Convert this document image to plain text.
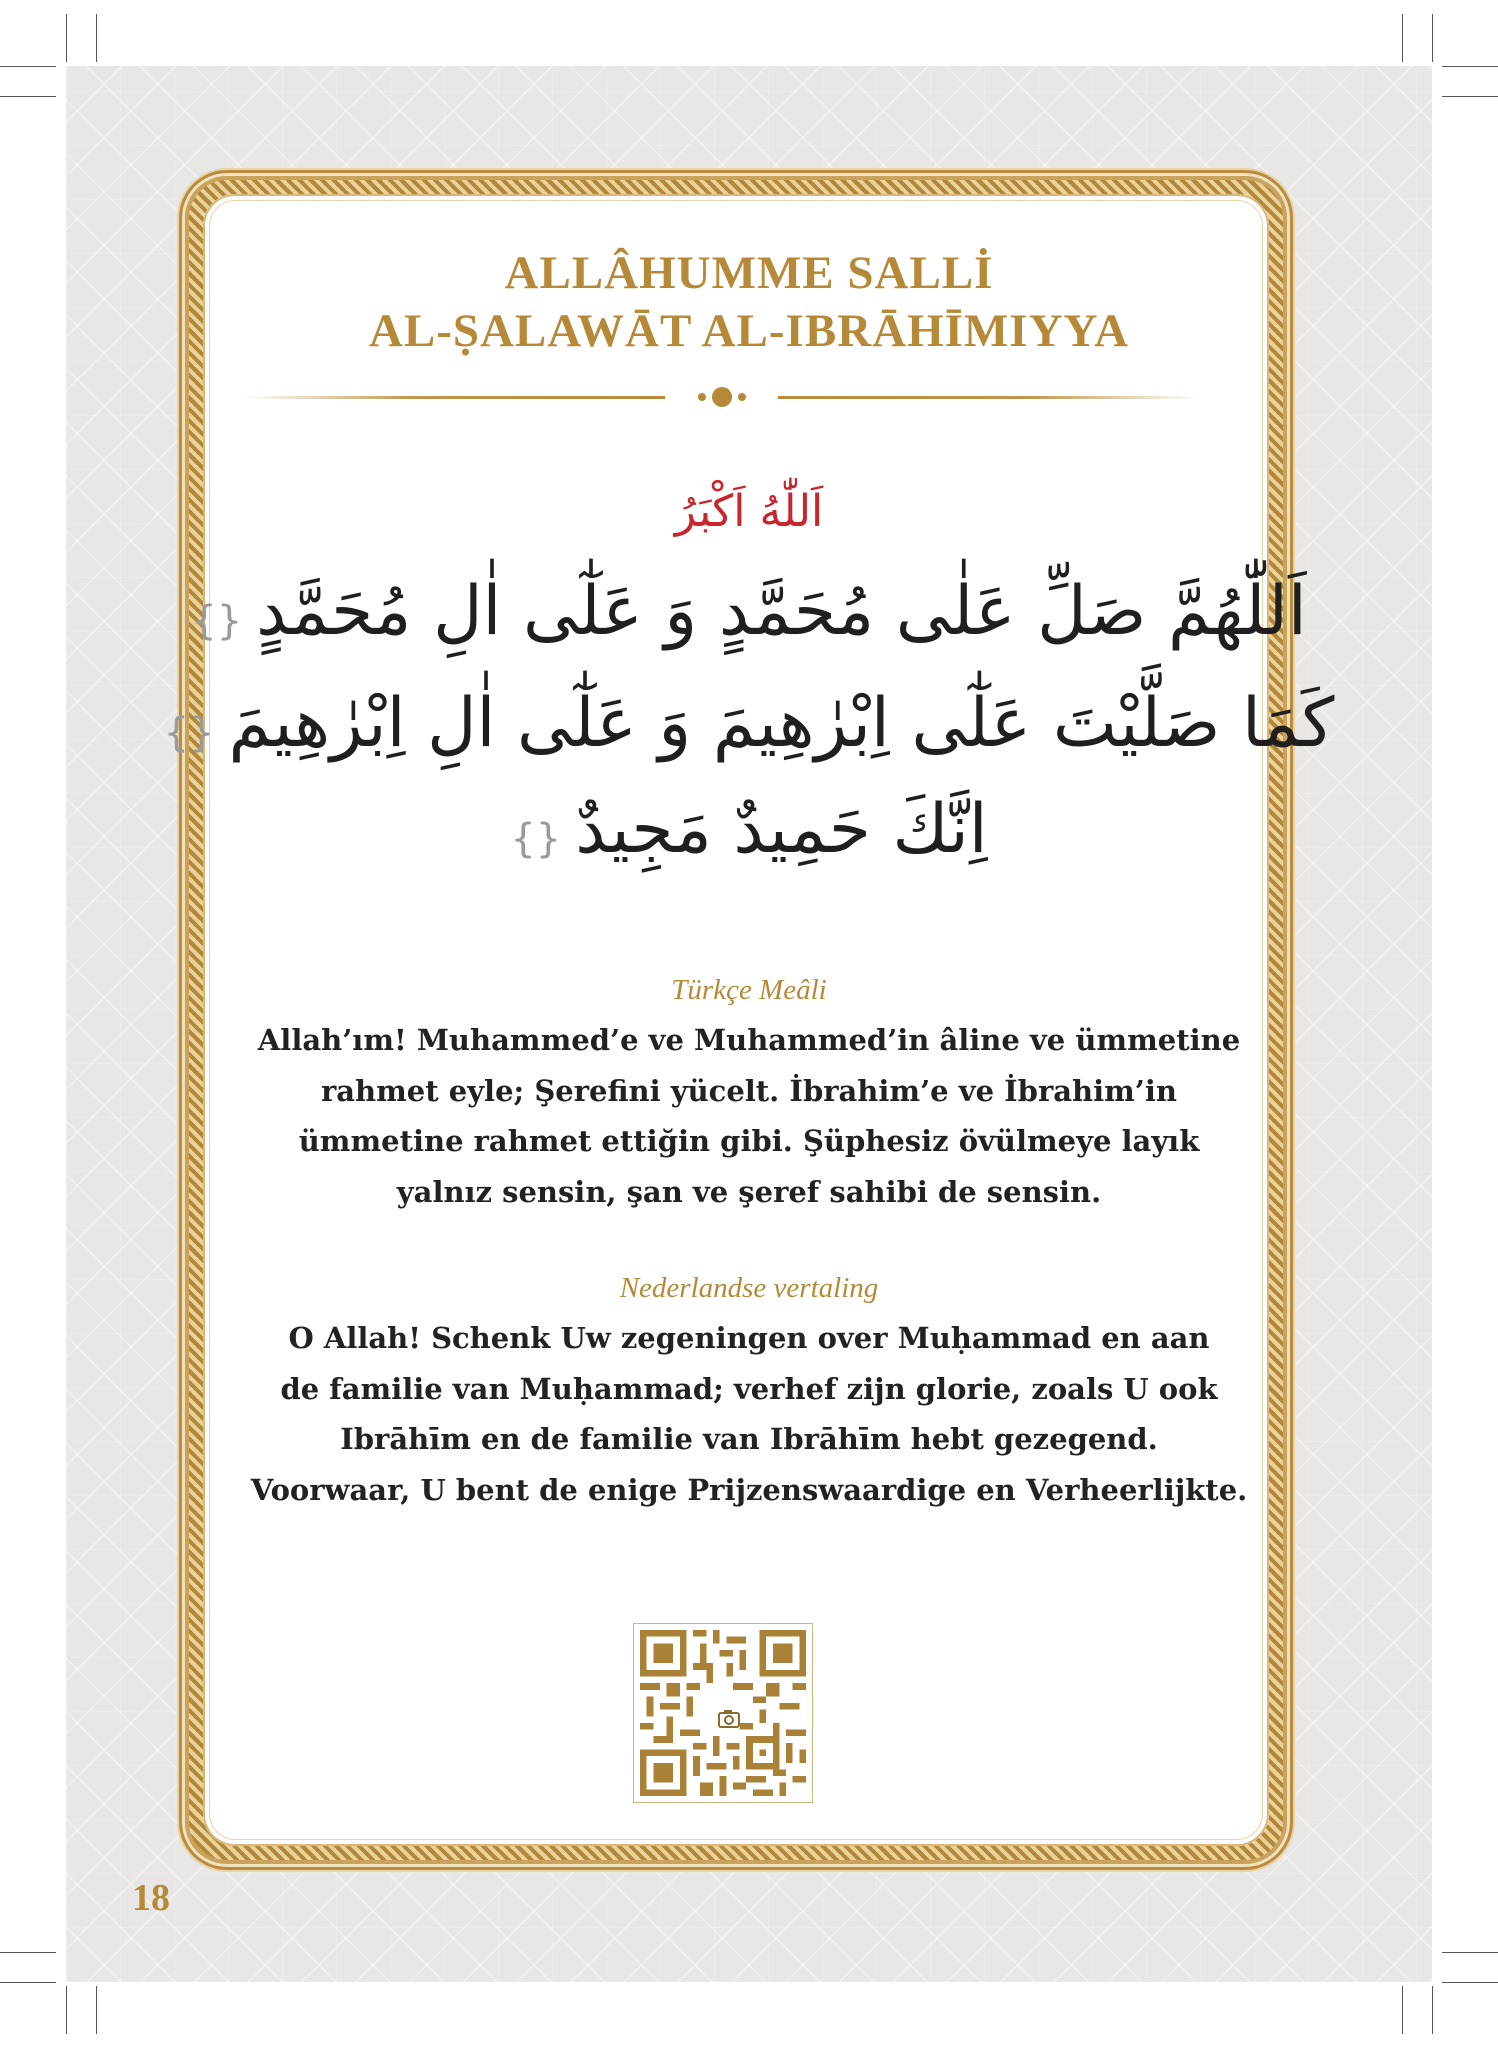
ALLÂHUMME SALLİ
AL-ṢALAWĀT AL-IBRĀHĪMIYYA

اَللّٰهُ اَكْبَرُ

اَللّٰهُمَّ صَلِّ عَلٰى مُحَمَّدٍ وَ عَلٰٓى اٰلِ مُحَمَّدٍ{}

كَمَا صَلَّيْتَ عَلٰٓى اِبْرٰهِيمَ وَ عَلٰٓى اٰلِ اِبْرٰهِيمَ{}

اِنَّكَ حَمِيدٌ مَجِيدٌ{}

Türkçe Meâli

Allah’ım! Muhammed’e ve Muhammed’in âline ve ümmetine
rahmet eyle; Şerefini yücelt. İbrahim’e ve İbrahim’in
ümmetine rahmet ettiğin gibi. Şüphesiz övülmeye layık
yalnız sensin, şan ve şeref sahibi de sensin.

Nederlandse vertaling

O Allah! Schenk Uw zegeningen over Muḥammad en aan
de familie van Muḥammad; verhef zijn glorie, zoals U ook
Ibrāhīm en de familie van Ibrāhīm hebt gezegend.
Voorwaar, U bent de enige Prijzenswaardige en Verheerlijkte.

18
